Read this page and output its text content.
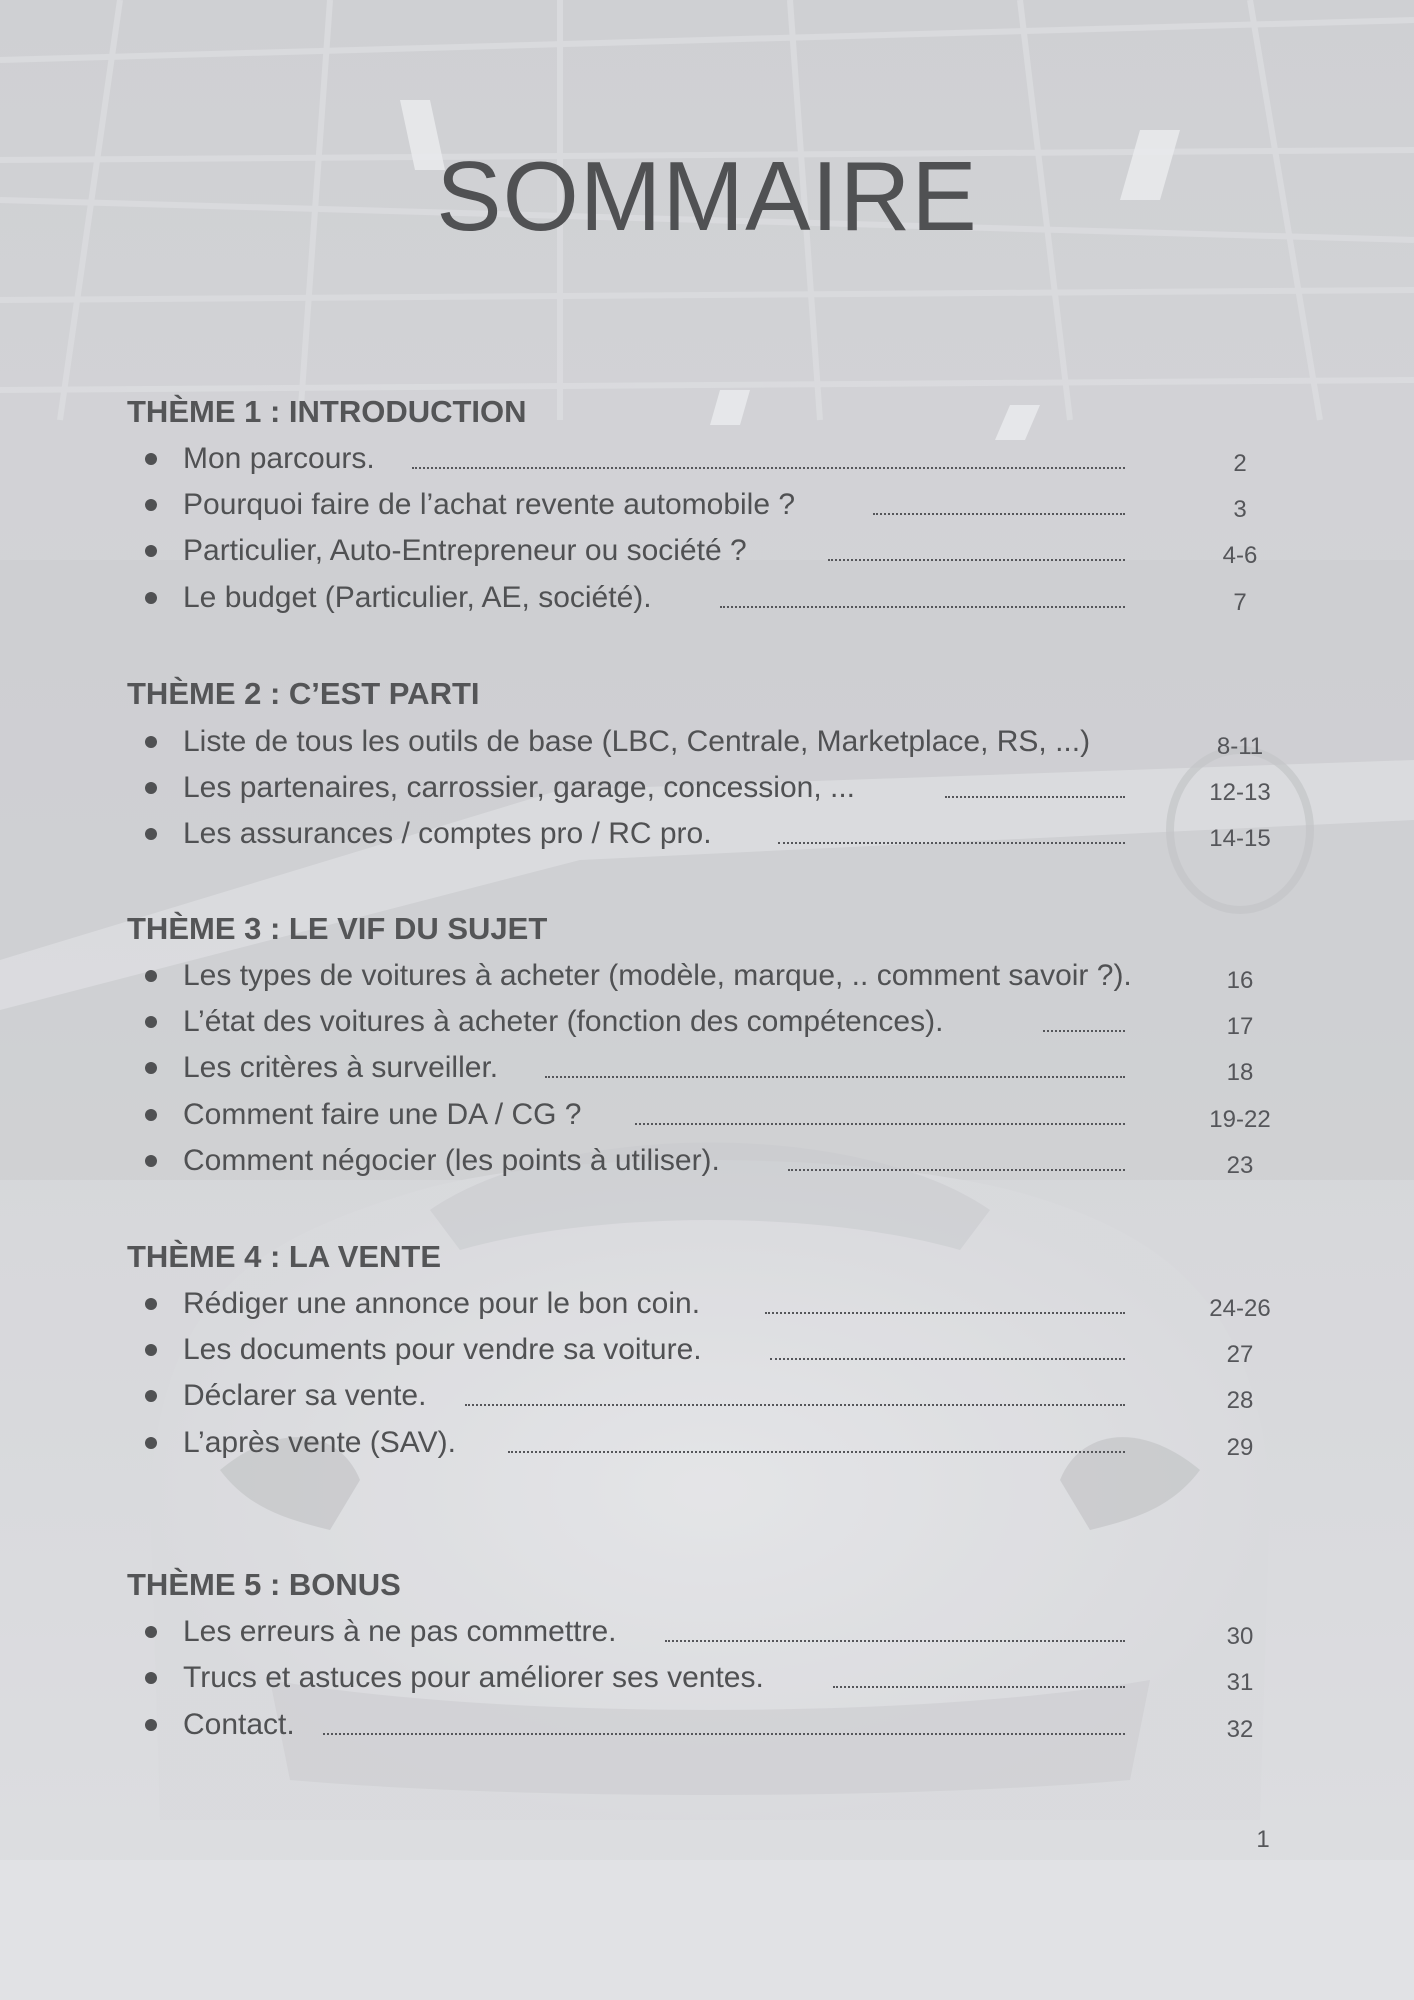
SOMMAIRE
THÈME 1 : INTRODUCTION
Mon parcours.	2
Pourquoi faire de l’achat revente automobile ?	3
Particulier, Auto-Entrepreneur ou société ?	4-6
Le budget (Particulier, AE, société).	7
THÈME 2 : C’EST PARTI
Liste de tous les outils de base (LBC, Centrale, Marketplace, RS, ...)	8-11
Les partenaires, carrossier, garage, concession, ...	12-13
Les assurances / comptes pro / RC pro.	14-15
THÈME 3 : LE VIF DU SUJET
Les types de voitures à acheter (modèle, marque, .. comment savoir ?).	16
L’état des voitures à acheter (fonction des compétences).	17
Les critères à surveiller.	18
Comment faire une DA / CG ?	19-22
Comment négocier (les points à utiliser).	23
THÈME 4 : LA VENTE
Rédiger une annonce pour le bon coin.	24-26
Les documents pour vendre sa voiture.	27
Déclarer sa vente.	28
L’après vente (SAV).	29
THÈME 5 : BONUS
Les erreurs à ne pas commettre.	30
Trucs et astuces pour améliorer ses ventes.	31
Contact.	32
1
